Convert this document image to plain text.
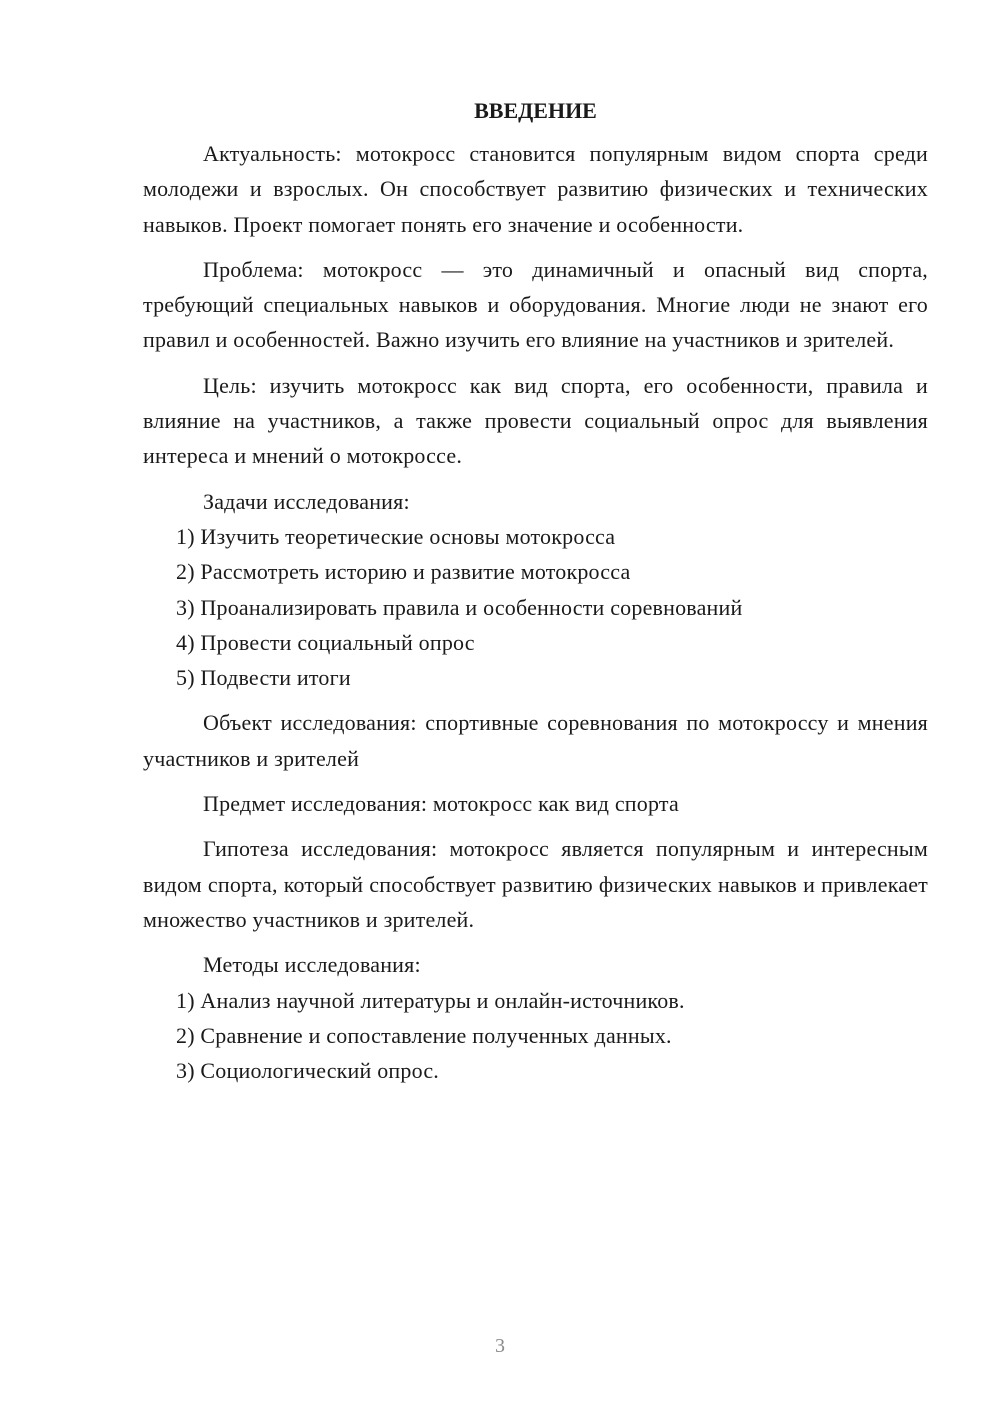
ВВЕДЕНИЕ

Актуальность: мотокросс становится популярным видом спорта среди молодежи и взрослых. Он способствует развитию физических и технических навыков. Проект помогает понять его значение и особенности.

Проблема: мотокросс — это динамичный и опасный вид спорта, требующий специальных навыков и оборудования. Многие люди не знают его правил и особенностей. Важно изучить его влияние на участников и зрителей.

Цель: изучить мотокросс как вид спорта, его особенности, правила и влияние на участников, а также провести социальный опрос для выявления интереса и мнений о мотокроссе.

Задачи исследования:

1) Изучить теоретические основы мотокросса
2) Рассмотреть историю и развитие мотокросса
3) Проанализировать правила и особенности соревнований
4) Провести социальный опрос
5) Подвести итоги

Объект исследования: спортивные соревнования по мотокроссу и мнения участников и зрителей

Предмет исследования: мотокросс как вид спорта

Гипотеза исследования: мотокросс является популярным и интересным видом спорта, который способствует развитию физических навыков и привлекает множество участников и зрителей.

Методы исследования:

1) Анализ научной литературы и онлайн-источников.
2) Сравнение и сопоставление полученных данных.
3) Социологический опрос.
3
